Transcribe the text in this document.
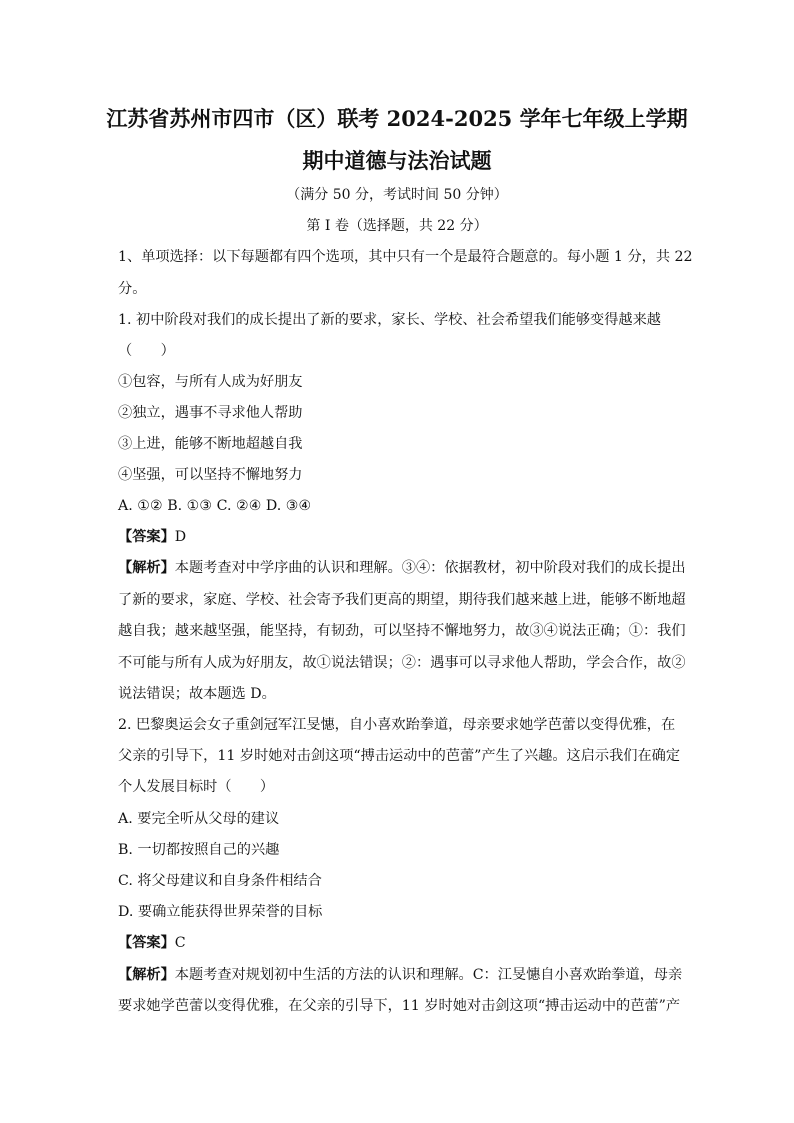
江苏省苏州市四市（区）联考 2024-2025 学年七年级上学期
期中道德与法治试题
（满分 50 分，考试时间 50 分钟）
第 I 卷（选择题，共 22 分）
1、单项选择：以下每题都有四个选项，其中只有一个是最符合题意的。每小题 1 分，共 22
分。
1. 初中阶段对我们的成长提出了新的要求，家长、学校、社会希望我们能够变得越来越
（　　）
①包容，与所有人成为好朋友
②独立，遇事不寻求他人帮助
③上进，能够不断地超越自我
④坚强，可以坚持不懈地努力
A. ①② B. ①③ C. ②④ D. ③④
【答案】D
【解析】本题考查对中学序曲的认识和理解。③④：依据教材，初中阶段对我们的成长提出
了新的要求，家庭、学校、社会寄予我们更高的期望，期待我们越来越上进，能够不断地超
越自我；越来越坚强，能坚持，有韧劲，可以坚持不懈地努力，故③④说法正确；①：我们
不可能与所有人成为好朋友，故①说法错误；②：遇事可以寻求他人帮助，学会合作，故②
说法错误；故本题选 D。
2. 巴黎奥运会女子重剑冠军江旻憓，自小喜欢跆拳道，母亲要求她学芭蕾以变得优雅，在
父亲的引导下，11 岁时她对击剑这项“搏击运动中的芭蕾”产生了兴趣。这启示我们在确定
个人发展目标时（　　）
A. 要完全听从父母的建议
B. 一切都按照自己的兴趣
C. 将父母建议和自身条件相结合
D. 要确立能获得世界荣誉的目标
【答案】C
【解析】本题考查对规划初中生活的方法的认识和理解。C：江旻憓自小喜欢跆拳道，母亲
要求她学芭蕾以变得优雅，在父亲的引导下，11 岁时她对击剑这项“搏击运动中的芭蕾”产
